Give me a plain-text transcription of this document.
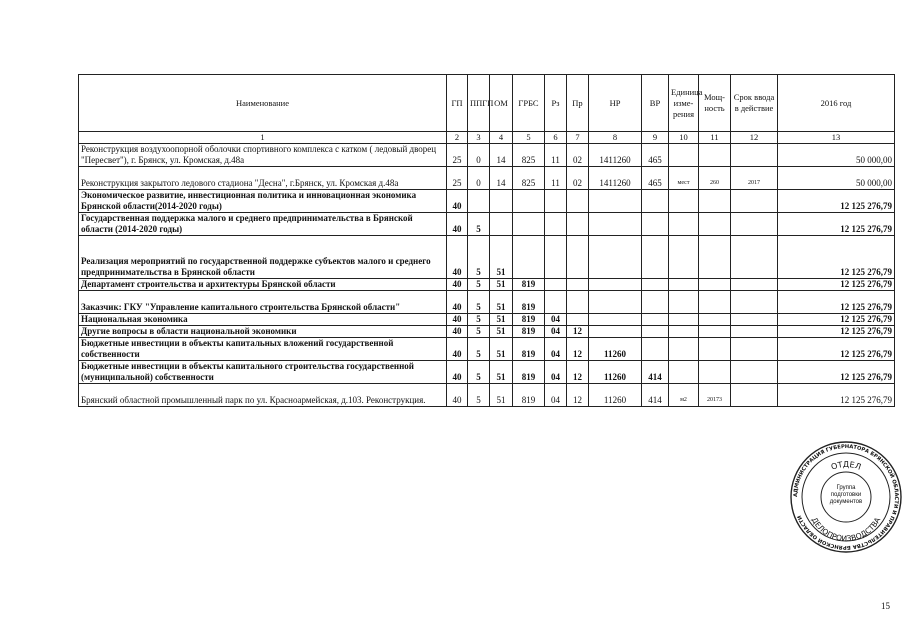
Наименование	ГП	ППГП	ОМ	ГРБС	Рз	Пр	НР	ВР	Единица изме-рения	Мощ-ность	Срок ввода в действие	2016 год
1	2	3	4	5	6	7	8	9	10	11	12	13
Реконструкция воздухоопорной оболочки спортивного комплекса с катком ( ледовый дворец "Пересвет"), г. Брянск, ул. Кромская, д.48а	25	0	14	825	11	02	1411260	465				50 000,00
Реконструкция закрытого ледового стадиона "Десна", г.Брянск, ул. Кромская д.48а	25	0	14	825	11	02	1411260	465	мест	260	2017	50 000,00
Экономическое развитие, инвестиционная политика и инновационная экономика Брянской области(2014-2020 годы)	40											12 125 276,79
Государственная поддержка малого и среднего предпринимательства в Брянской области (2014-2020 годы)	40	5										12 125 276,79
Реализация мероприятий по государственной поддержке субъектов малого и среднего предпринимательства в Брянской области	40	5	51									12 125 276,79
Департамент строительства и архитектуры Брянской области	40	5	51	819								12 125 276,79
Заказчик: ГКУ "Управление капитального строительства Брянской области"	40	5	51	819								12 125 276,79
Национальная экономика	40	5	51	819	04							12 125 276,79
Другие вопросы в области национальной экономики	40	5	51	819	04	12						12 125 276,79
Бюджетные инвестиции в объекты капитальных вложений государственной собственности	40	5	51	819	04	12	11260					12 125 276,79
Бюджетные инвестиции в объекты капитального строительства государственной (муниципальной) собственности	40	5	51	819	04	12	11260	414				12 125 276,79
Брянский областной промышленный парк по ул. Красноармейская, д.103. Реконструкция.	40	5	51	819	04	12	11260	414	м2	20173		12 125 276,79
АДМИНИСТРАЦИЯ ГУБЕРНАТОРА БРЯНСКОЙ ОБЛАСТИ И ПРАВИТЕЛЬСТВА БРЯНСКОЙ ОБЛАСТИ
ОТДЕЛ
ДЕЛОПРОИЗВОДСТВА
Группа подготовки документов
15
